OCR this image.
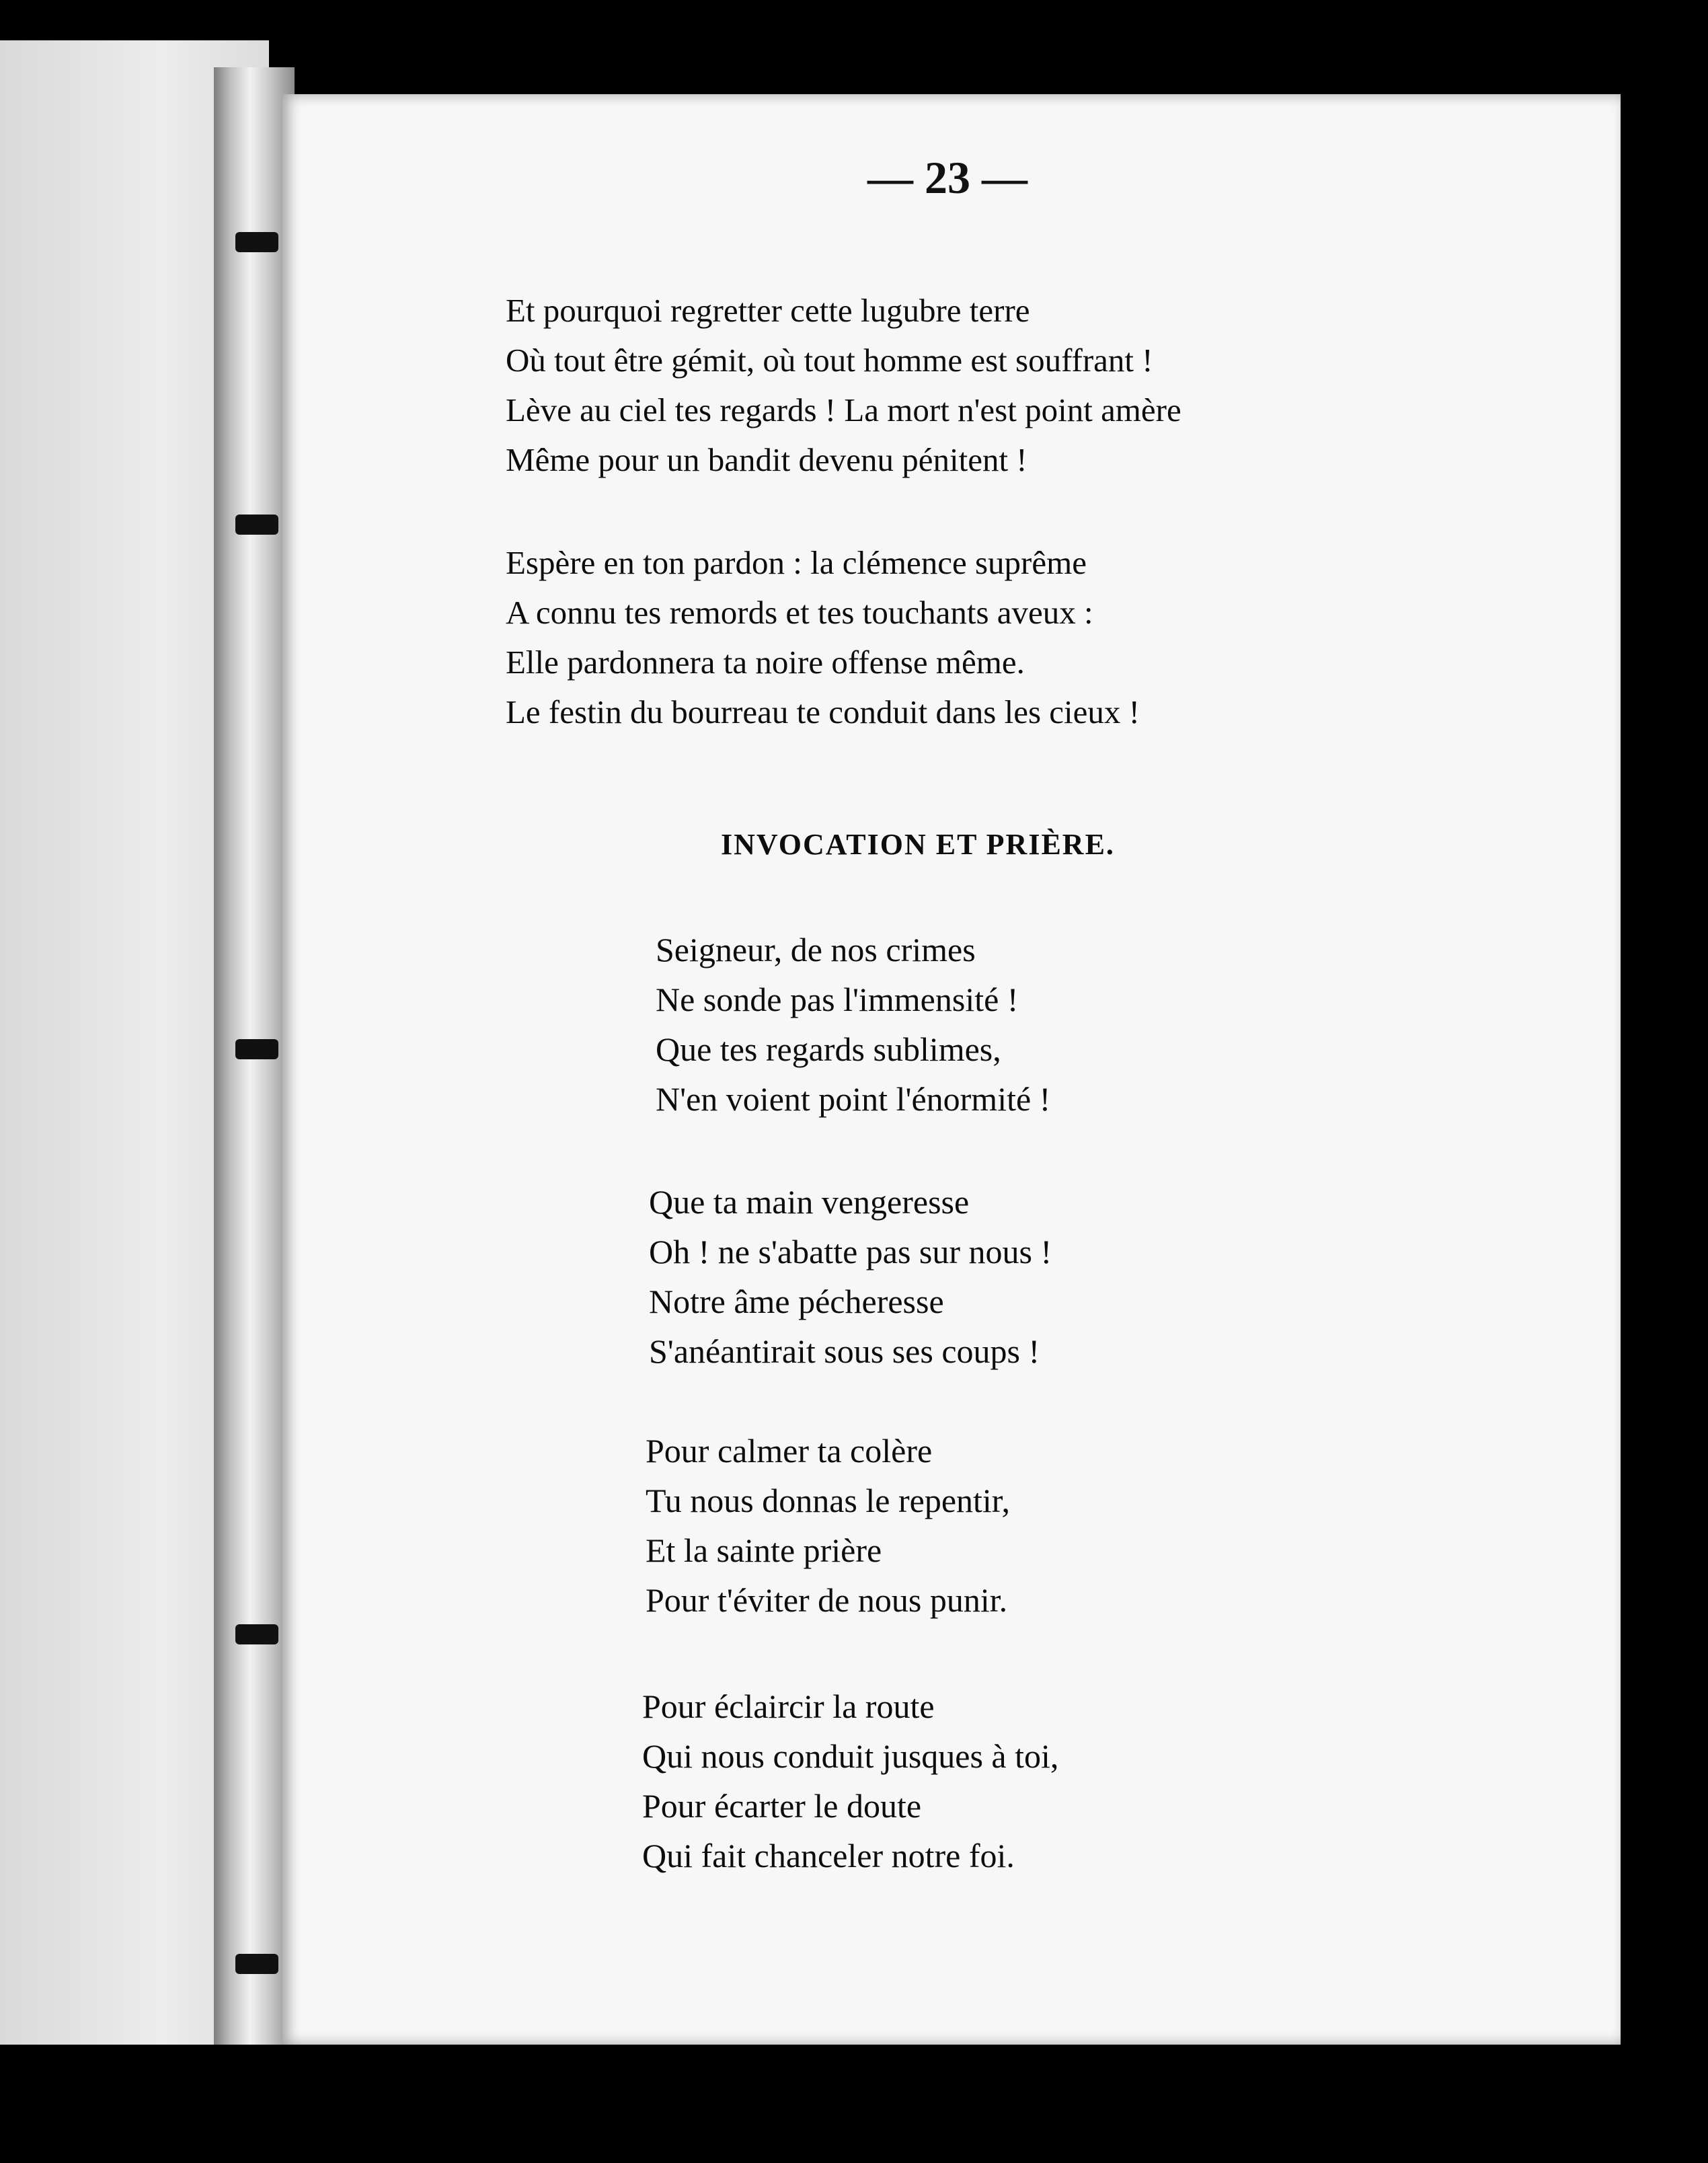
— 23 —
Et pourquoi regretter cette lugubre terre
Où tout être gémit, où tout homme est souffrant !
Lève au ciel tes regards ! La mort n'est point amère
Même pour un bandit devenu pénitent !
Espère en ton pardon : la clémence suprême
A connu tes remords et tes touchants aveux :
Elle pardonnera ta noire offense même.
Le festin du bourreau te conduit dans les cieux !
INVOCATION ET PRIÈRE.
Seigneur, de nos crimes
Ne sonde pas l'immensité !
Que tes regards sublimes,
N'en voient point l'énormité !
Que ta main vengeresse
Oh ! ne s'abatte pas sur nous !
Notre âme pécheresse
S'anéantirait sous ses coups !
Pour calmer ta colère
Tu nous donnas le repentir,
Et la sainte prière
Pour t'éviter de nous punir.
Pour éclaircir la route
Qui nous conduit jusques à toi,
Pour écarter le doute
Qui fait chanceler notre foi.
